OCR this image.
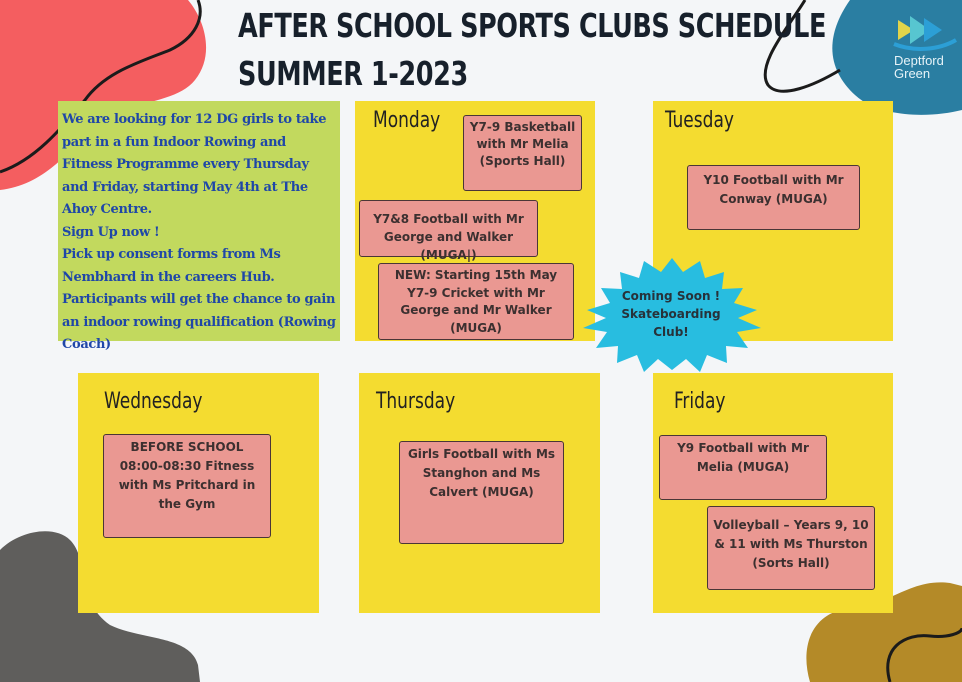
Deptford
Green
AFTER SCHOOL SPORTS CLUBS SCHEDULE
SUMMER 1-2023

We are looking for 12 DG girls to take part in a fun Indoor Rowing and Fitness Programme every Thursday and Friday, starting May 4th at The Ahoy Centre.
Sign Up now !
Pick up consent forms from Ms Nembhard in the careers Hub.
Participants will get the chance to gain an indoor rowing qualification (Rowing Coach)

Monday Y7-9 Basketball with Mr Melia (Sports Hall)
Y7&8 Football with Mr George and Walker (MUGA|)
NEW: Starting 15th May Y7-9 Cricket with Mr George and Mr Walker (MUGA)
Tuesday
Y10 Football with Mr Conway (MUGA)
Wednesday
BEFORE SCHOOL 08:00-08:30 Fitness with Ms Pritchard in the Gym
Thursday
Girls Football with Ms Stanghon and Ms Calvert (MUGA)
Friday
Y9 Football with Mr Melia (MUGA)
Volleyball – Years 9, 10 & 11 with Ms Thurston (Sorts Hall)
Coming Soon ! Skateboarding Club!
